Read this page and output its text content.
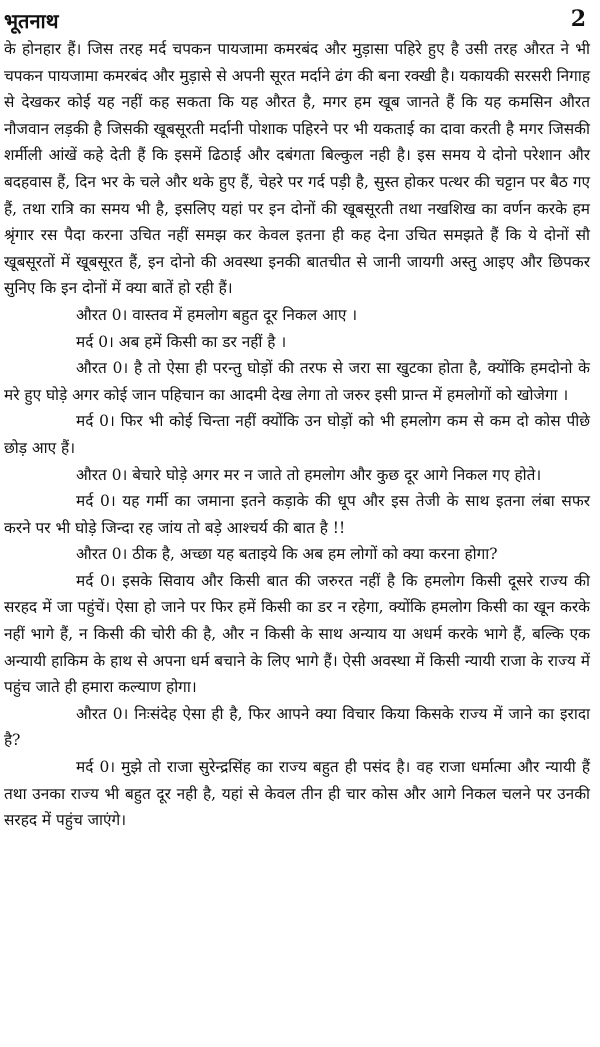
भूतनाथ	2

के होनहार हैं। जिस तरह मर्द चपकन पायजामा कमरबंद और मुड़ासा पहिरे हुए है उसी तरह औरत ने भी चपकन पायजामा कमरबंद और मुड़ासे से अपनी सूरत मर्दाने ढंग की बना रक्खी है। यकायकी सरसरी निगाह से देखकर कोई यह नहीं कह सकता कि यह औरत है, मगर हम खूब जानते हैं कि यह कमसिन औरत नौजवान लड़की है जिसकी खूबसूरती मर्दानी पोशाक पहिरने पर भी यकताई का दावा करती है मगर जिसकी शर्मीली आंखें कहे देती हैं कि इसमें ढिठाई और दबंगता बिल्कुल नही है। इस समय ये दोनो परेशान और बदहवास हैं, दिन भर के चले और थके हुए हैं, चेहरे पर गर्द पड़ी है, सुस्त होकर पत्थर की चट्टान पर बैठ गए हैं, तथा रात्रि का समय भी है, इसलिए यहां पर इन दोनों की खूबसूरती तथा नखशिख का वर्णन करके हम श्रृंगार रस पैदा करना उचित नहीं समझ कर केवल इतना ही कह देना उचित समझते हैं कि ये दोनों सौ खूबसूरतों में खूबसूरत हैं, इन दोनो की अवस्था इनकी बातचीत से जानी जायगी अस्तु आइए और छिपकर सुनिए कि इन दोनों में क्या बातें हो रही हैं।

औरत 0। वास्तव में हमलोग बहुत दूर निकल आए ।

मर्द 0। अब हमें किसी का डर नहीं है ।

औरत 0। है तो ऐसा ही परन्तु घोड़ों की तरफ से जरा सा खुटका होता है, क्योंकि हमदोनो के मरे हुए घोड़े अगर कोई जान पहिचान का आदमी देख लेगा तो जरुर इसी प्रान्त में हमलोगों को खोजेगा ।

मर्द 0। फिर भी कोई चिन्ता नहीं क्योंकि उन घोड़ों को भी हमलोग कम से कम दो कोस पीछे छोड़ आए हैं।

औरत 0। बेचारे घोड़े अगर मर न जाते तो हमलोग और कुछ दूर आगे निकल गए होते।

मर्द 0। यह गर्मी का जमाना इतने कड़ाके की धूप और इस तेजी के साथ इतना लंबा सफर करने पर भी घोड़े जिन्दा रह जांय तो बड़े आश्चर्य की बात है !!

औरत 0। ठीक है, अच्छा यह बताइये कि अब हम लोगों को क्या करना होगा?

मर्द 0। इसके सिवाय और किसी बात की जरुरत नहीं है कि हमलोग किसी दूसरे राज्य की सरहद में जा पहुंचें। ऐसा हो जाने पर फिर हमें किसी का डर न रहेगा, क्योंकि हमलोग किसी का खून करके नहीं भागे हैं, न किसी की चोरी की है, और न किसी के साथ अन्याय या अधर्म करके भागे हैं, बल्कि एक अन्यायी हाकिम के हाथ से अपना धर्म बचाने के लिए भागे हैं। ऐसी अवस्था में किसी न्यायी राजा के राज्य में पहुंच जाते ही हमारा कल्याण होगा।

औरत 0। निःसंदेह ऐसा ही है, फिर आपने क्या विचार किया किसके राज्य में जाने का इरादा है?

मर्द 0। मुझे तो राजा सुरेन्द्रसिंह का राज्य बहुत ही पसंद है। वह राजा धर्मात्मा और न्यायी हैं तथा उनका राज्य भी बहुत दूर नही है, यहां से केवल तीन ही चार कोस और आगे निकल चलने पर उनकी सरहद में पहुंच जाएंगे।
